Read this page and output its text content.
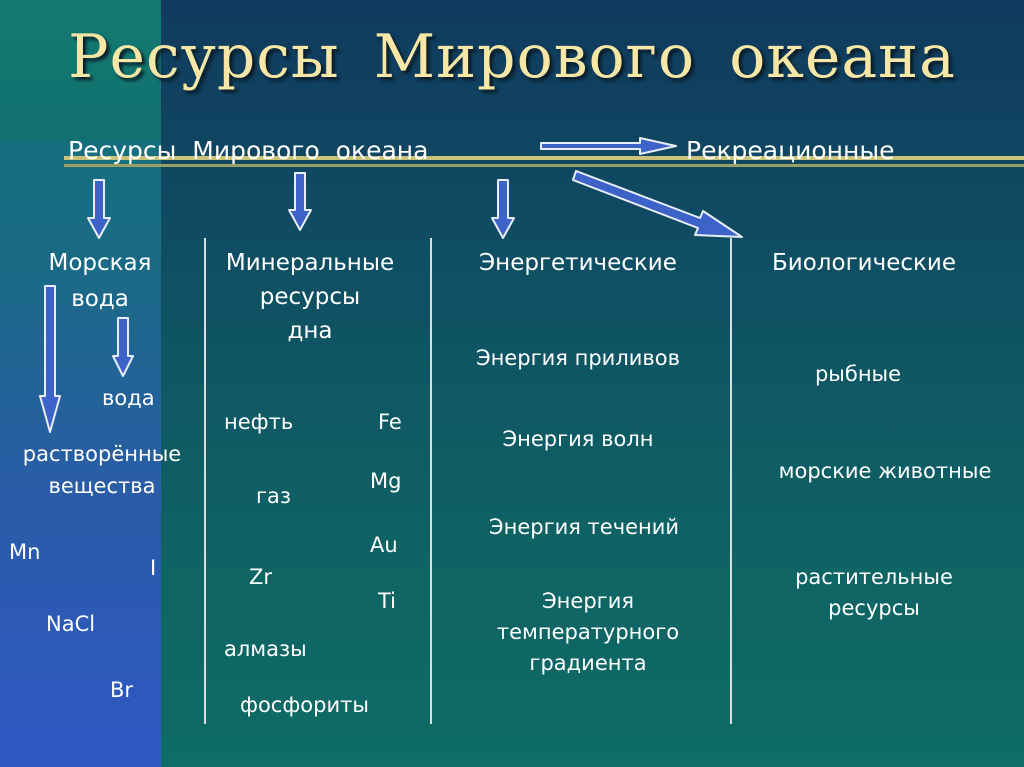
Ресурсы Мирового океана
Ресурсы Мирового океана	Рекреационные
Морская
вода
вода
растворённые
вещества
Mn
I
NaCl
Br
Минеральные
ресурсы
дна
нефть	Fe
Mg
газ
Au
Zr
Ti
алмазы
фосфориты
Энергетические
Энергия приливов
Энергия волн
Энергия течений
Энергия
температурного
градиента
Биологические
рыбные
морские животные
растительные
ресурсы
